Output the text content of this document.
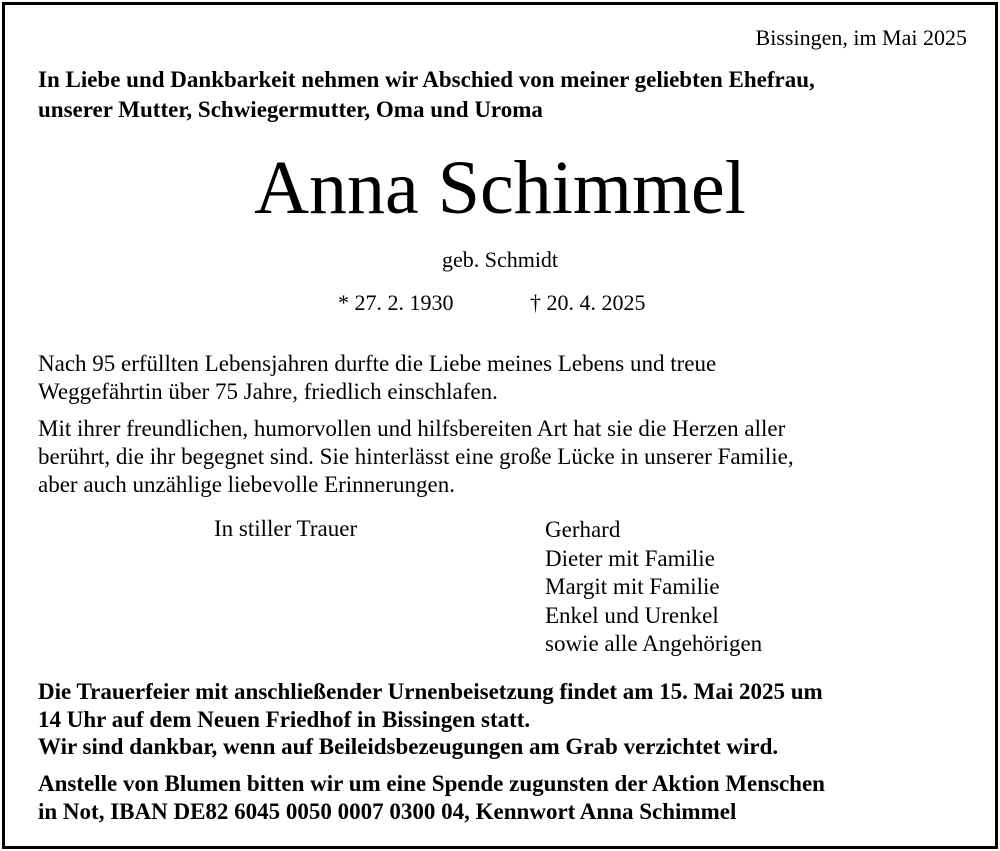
Bissingen, im Mai 2025
In Liebe und Dankbarkeit nehmen wir Abschied von meiner geliebten Ehefrau,
unserer Mutter, Schwiegermutter, Oma und Uroma
Anna Schimmel
geb. Schmidt
* 27. 2. 1930	† 20. 4. 2025
Nach 95 erfüllten Lebensjahren durfte die Liebe meines Lebens und treue
Weggefährtin über 75 Jahre, friedlich einschlafen.
Mit ihrer freundlichen, humorvollen und hilfsbereiten Art hat sie die Herzen aller
berührt, die ihr begegnet sind. Sie hinterlässt eine große Lücke in unserer Familie,
aber auch unzählige liebevolle Erinnerungen.
In stiller Trauer	Gerhard
Dieter mit Familie
Margit mit Familie
Enkel und Urenkel
sowie alle Angehörigen
Die Trauerfeier mit anschließender Urnenbeisetzung findet am 15. Mai 2025 um
14 Uhr auf dem Neuen Friedhof in Bissingen statt.
Wir sind dankbar, wenn auf Beileidsbezeugungen am Grab verzichtet wird.
Anstelle von Blumen bitten wir um eine Spende zugunsten der Aktion Menschen
in Not, IBAN DE82 6045 0050 0007 0300 04, Kennwort Anna Schimmel
